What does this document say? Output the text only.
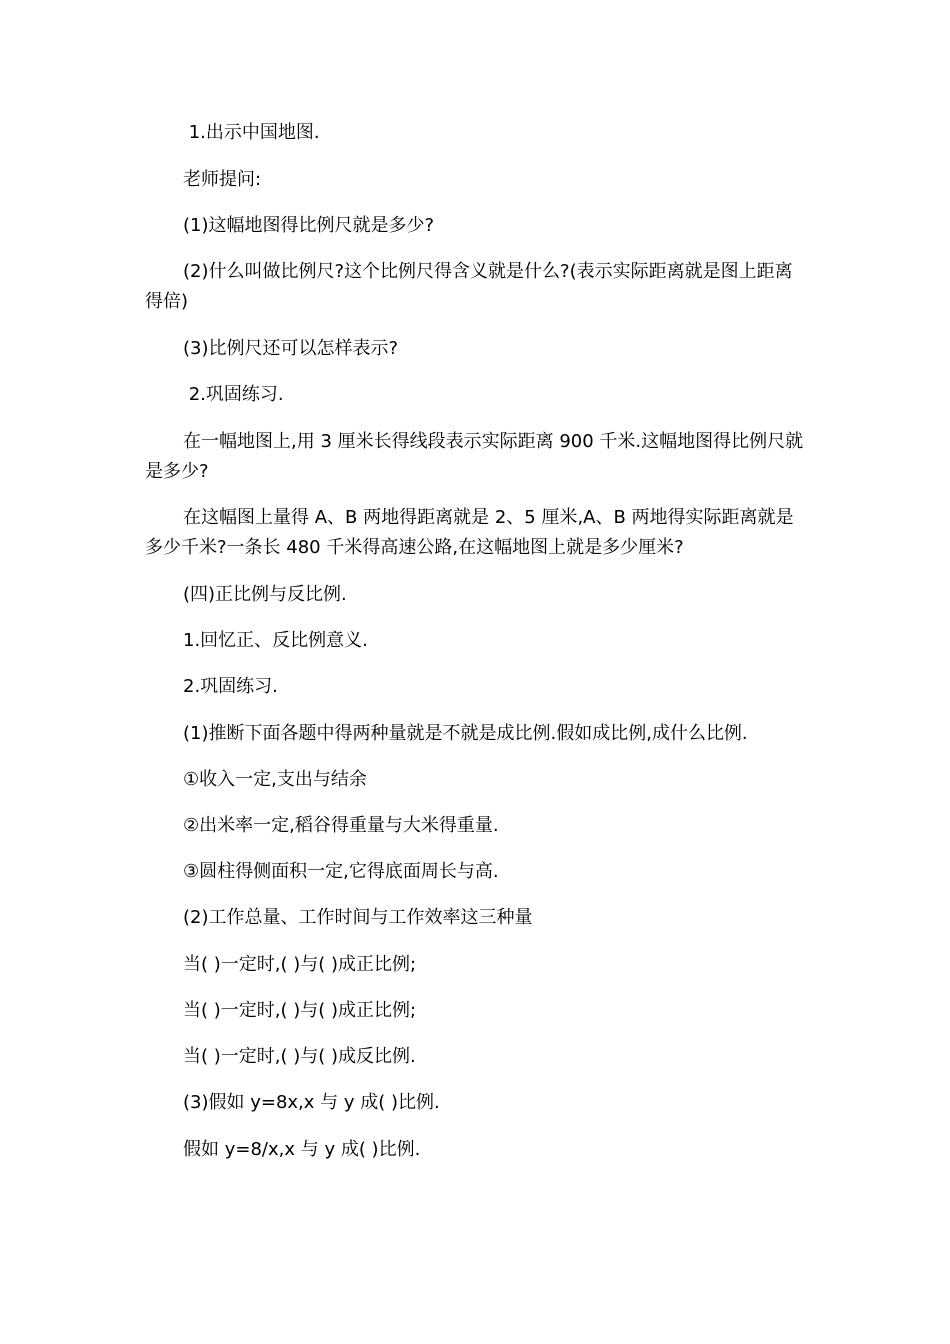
1.出示中国地图.

老师提问:

(1)这幅地图得比例尺就是多少?

(2)什么叫做比例尺?这个比例尺得含义就是什么?(表示实际距离就是图上距离得倍)

(3)比例尺还可以怎样表示?

2.巩固练习.

在一幅地图上,用 3 厘米长得线段表示实际距离 900 千米.这幅地图得比例尺就是多少?

在这幅图上量得 A、B 两地得距离就是 2、5 厘米,A、B 两地得实际距离就是多少千米?一条长 480 千米得高速公路,在这幅地图上就是多少厘米?

(四)正比例与反比例.

1.回忆正、反比例意义.

2.巩固练习.

(1)推断下面各题中得两种量就是不就是成比例.假如成比例,成什么比例.

①收入一定,支出与结余

②出米率一定,稻谷得重量与大米得重量.

③圆柱得侧面积一定,它得底面周长与高.

(2)工作总量、工作时间与工作效率这三种量

当( )一定时,( )与( )成正比例;

当( )一定时,( )与( )成正比例;

当( )一定时,( )与( )成反比例.

(3)假如 y=8x,x 与 y 成( )比例.

假如 y=8/x,x 与 y 成( )比例.
